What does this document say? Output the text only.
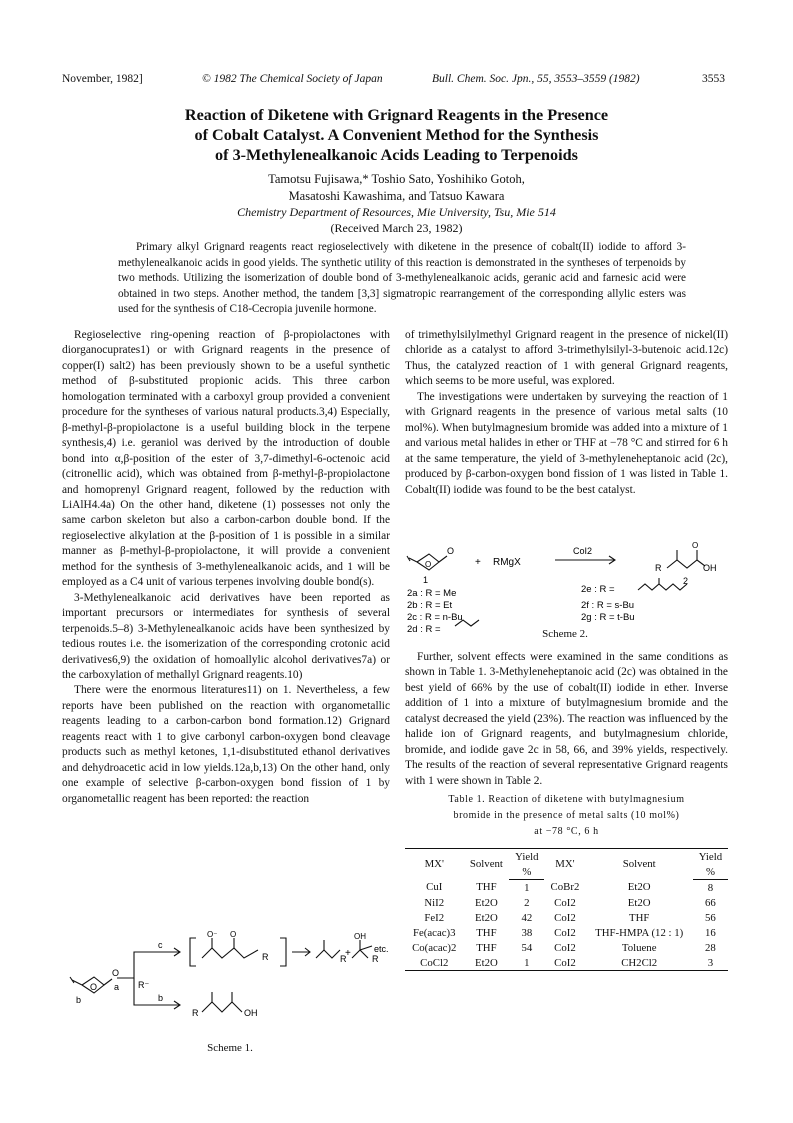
November, 1982]	© 1982 The Chemical Society of Japan	Bull. Chem. Soc. Jpn., 55, 3553–3559 (1982)	3553
Reaction of Diketene with Grignard Reagents in the Presence
of Cobalt Catalyst. A Convenient Method for the Synthesis
of 3-Methylenealkanoic Acids Leading to Terpenoids
Tamotsu Fujisawa,* Toshio Sato, Yoshihiko Gotoh,
Masatoshi Kawashima, and Tatsuo Kawara
Chemistry Department of Resources, Mie University, Tsu, Mie 514
(Received March 23, 1982)

Primary alkyl Grignard reagents react regioselectively with diketene in the presence of cobalt(II) iodide to afford 3-methylenealkanoic acids in good yields. The synthetic utility of this reaction is demonstrated in the syntheses of terpenoids by two methods. Utilizing the isomerization of double bond of 3-methylenealkanoic acids, geranic acid and farnesic acid were obtained in two steps. Another method, the tandem [3,3] sigmatropic rearrangement of the corresponding allylic esters was used for the synthesis of C18-Cecropia juvenile hormone.

Regioselective ring-opening reaction of β-propiolactones with diorganocuprates1) or with Grignard reagents in the presence of copper(I) salt2) has been previously shown to be a useful synthetic method of β-substituted propionic acids. This three carbon homologation terminated with a carboxyl group provided a convenient procedure for the syntheses of various natural products.3,4) Especially, β-methyl-β-propiolactone is a useful building block in the terpene synthesis,4) i.e. geraniol was derived by the introduction of double bond into α,β-position of the ester of 3,7-dimethyl-6-octenoic acid (citronellic acid), which was obtained from β-methyl-β-propiolactone and homoprenyl Grignard reagent, followed by the reduction with LiAlH4.4a) On the other hand, diketene (1) possesses not only the same carbon skeleton but also a carbon-carbon double bond. If the regioselective alkylation at the β-position of 1 is possible in a similar manner as β-methyl-β-propiolactone, it will provide a convenient method for the synthesis of 3-methylenealkanoic acids, and 1 will be employed as a C4 unit of various terpenes involving double bond(s).

3-Methylenealkanoic acid derivatives have been reported as important precursors or intermediates for synthesis of several terpenoids.5–8) 3-Methylenealkanoic acids have been synthesized by tedious routes i.e. the isomerization of the corresponding crotonic acid derivatives6,9) the oxidation of homoallylic alcohol derivatives7a) or the carboxylation of methallyl Grignard reagents.10)

There were the enormous literatures11) on 1. Nevertheless, a few reports have been published on the reaction with organometallic reagents leading to a carbon-carbon bond formation.12) Grignard reagents react with 1 to give carbonyl carbon-oxygen bond cleavage products such as methyl ketones, 1,1-disubstituted ethanol derivatives and dehydroacetic acid in low yields.12a,b,13) On the other hand, only one example of selective β-carbon-oxygen bond fission of 1 by organometallic reagent has been reported: the reaction

O
O
b
a R⁻
c
b
O⁻ O
R	R
+
OH
R
etc.
R	OH
Scheme 1.

of trimethylsilylmethyl Grignard reagent in the presence of nickel(II) chloride as a catalyst to afford 3-trimethylsilyl-3-butenoic acid.12c) Thus, the catalyzed reaction of 1 with general Grignard reagents, which seems to be more useful, was explored.

The investigations were undertaken by surveying the reaction of 1 with Grignard reagents in the presence of various metal salts (10 mol%). When butylmagnesium bromide was added into a mixture of 1 and various metal halides in ether or THF at −78 °C and stirred for 6 h at the same temperature, the yield of 3-methyleneheptanoic acid (2c), produced by β-carbon-oxygen bond fission of 1 was listed in Table 1. Cobalt(II) iodide was found to be the best catalyst.

O
O
1
+ RMgX
CoI2
R
O
OH
2
2a : R = Me
2b : R = Et
2c : R = n-Bu
2d : R =
2e : R =
2f : R = s-Bu
2g : R = t-Bu
Scheme 2.

Further, solvent effects were examined in the same conditions as shown in Table 1. 3-Methyleneheptanoic acid (2c) was obtained in the best yield of 66% by the use of cobalt(II) iodide in ether. Inverse addition of 1 into a mixture of butylmagnesium bromide and the catalyst decreased the yield (23%). The reaction was influenced by the halide ion of Grignard reagents, and butylmagnesium chloride, bromide, and iodide gave 2c in 58, 66, and 39% yields, respectively. The results of the reaction of several representative Grignard reagents with 1 were shown in Table 2.

Table 1. Reaction of diketene with butylmagnesium
bromide in the presence of metal salts (10 mol%)
at −78 °C, 6 h
MX'	Solvent	Yield	MX'	Solvent	Yield
		%			%
CuI	THF	1	CoBr2	Et2O	8
NiI2	Et2O	2	CoI2	Et2O	66
FeI2	Et2O	42	CoI2	THF	56
Fe(acac)3	THF	38	CoI2	THF-HMPA (12 : 1)	16
Co(acac)2	THF	54	CoI2	Toluene	28
CoCl2	Et2O	1	CoI2	CH2Cl2	3
